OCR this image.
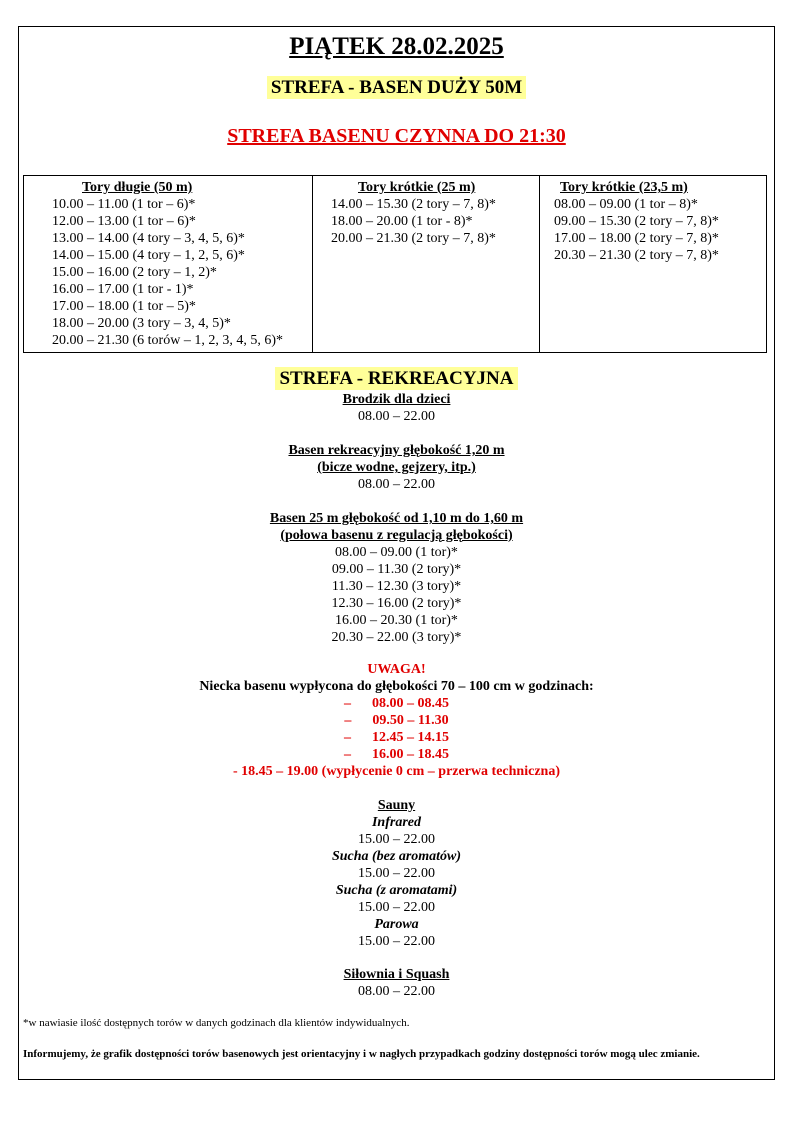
PIĄTEK 28.02.2025
STREFA - BASEN DUŻY 50M
STREFA BASENU CZYNNA DO 21:30
Tory długie (50 m)
10.00 – 11.00 (1 tor – 6)*
12.00 – 13.00 (1 tor – 6)*
13.00 – 14.00 (4 tory – 3, 4, 5, 6)*
14.00 – 15.00 (4 tory – 1, 2, 5, 6)*
15.00 – 16.00 (2 tory – 1, 2)*
16.00 – 17.00 (1 tor - 1)*
17.00 – 18.00 (1 tor – 5)*
18.00 – 20.00 (3 tory – 3, 4, 5)*
20.00 – 21.30 (6 torów – 1, 2, 3, 4, 5, 6)*

Tory krótkie (25 m)
14.00 – 15.30 (2 tory – 7, 8)*
18.00 – 20.00 (1 tor - 8)*
20.00 – 21.30 (2 tory – 7, 8)*

Tory krótkie (23,5 m)
08.00 – 09.00 (1 tor – 8)*
09.00 – 15.30 (2 tory – 7, 8)*
17.00 – 18.00 (2 tory – 7, 8)*
20.30 – 21.30 (2 tory – 7, 8)*
STREFA - REKREACYJNA
Brodzik dla dzieci
08.00 – 22.00
Basen rekreacyjny głębokość 1,20 m
(bicze wodne, gejzery, itp.)
08.00 – 22.00
Basen 25 m głębokość od 1,10 m do 1,60 m
(połowa basenu z regulacją głębokości)
08.00 – 09.00 (1 tor)*
09.00 – 11.30 (2 tory)*
11.30 – 12.30 (3 tory)*
12.30 – 16.00 (2 tory)*
16.00 – 20.30 (1 tor)*
20.30 – 22.00 (3 tory)*
UWAGA!
Niecka basenu wypłycona do głębokości 70 – 100 cm w godzinach:
– 08.00 – 08.45
– 09.50 – 11.30
– 12.45 – 14.15
– 16.00 – 18.45
- 18.45 – 19.00 (wypłycenie 0 cm – przerwa techniczna)
Sauny
Infrared
15.00 – 22.00
Sucha (bez aromatów)
15.00 – 22.00
Sucha (z aromatami)
15.00 – 22.00
Parowa
15.00 – 22.00
Siłownia i Squash
08.00 – 22.00
*w nawiasie ilość dostępnych torów w danych godzinach dla klientów indywidualnych.
Informujemy, że grafik dostępności torów basenowych jest orientacyjny i w nagłych przypadkach godziny dostępności torów mogą ulec zmianie.
